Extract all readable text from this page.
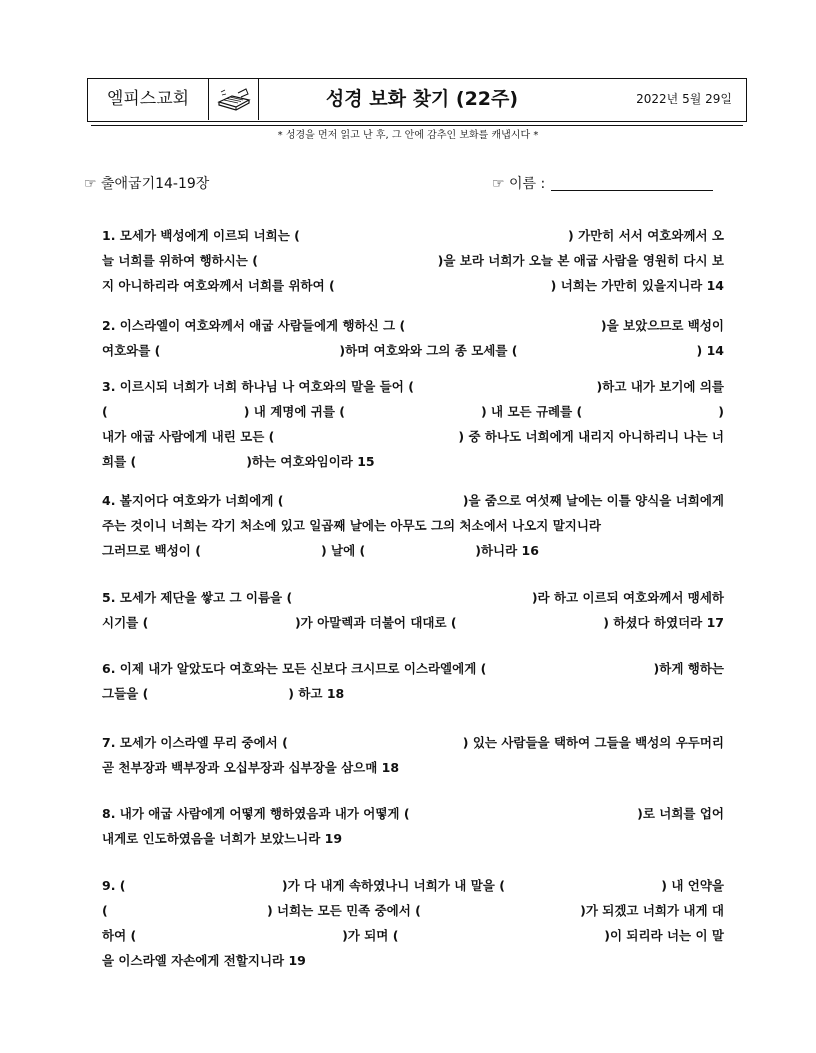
엘피스교회	성경 보화 찾기 (22주)	2022년 5월 29일
* 성경을 먼저 읽고 난 후, 그 안에 감추인 보화를 캐냅시다 *
☞ 출애굽기14-19장	☞ 이름 :
1. 모세가 백성에게 이르되 너희는 (	) 가만히 서서 여호와께서 오
늘 너희를 위하여 행하시는 (	)을 보라 너희가 오늘 본 애굽 사람을 영원히 다시 보
지 아니하리라 여호와께서 너희를 위하여 (	) 너희는 가만히 있을지니라 14
2. 이스라엘이 여호와께서 애굽 사람들에게 행하신 그 (	)을 보았으므로 백성이
여호와를 (	)하며 여호와와 그의 종 모세를 (	) 14
3. 이르시되 너희가 너희 하나님 나 여호와의 말을 들어 (	)하고 내가 보기에 의를
(	) 내 계명에 귀를 (	) 내 모든 규례를 (	)
내가 애굽 사람에게 내린 모든 (	) 중 하나도 너희에게 내리지 아니하리니 나는 너
희를 (	)하는 여호와임이라 15
4. 볼지어다 여호와가 너희에게 (	)을 줌으로 여섯째 날에는 이틀 양식을 너희에게
주는 것이니 너희는 각기 처소에 있고 일곱째 날에는 아무도 그의 처소에서 나오지 말지니라
그러므로 백성이 (	) 날에 (	)하니라 16
5. 모세가 제단을 쌓고 그 이름을 (	)라 하고 이르되 여호와께서 맹세하
시기를 (	)가 아말렉과 더불어 대대로 (	) 하셨다 하였더라 17
6. 이제 내가 알았도다 여호와는 모든 신보다 크시므로 이스라엘에게 (	)하게 행하는
그들을 (	) 하고 18
7. 모세가 이스라엘 무리 중에서 (	) 있는 사람들을 택하여 그들을 백성의 우두머리
곧 천부장과 백부장과 오십부장과 십부장을 삼으매 18
8. 내가 애굽 사람에게 어떻게 행하였음과 내가 어떻게 (	)로 너희를 업어
내게로 인도하였음을 너희가 보았느니라 19
9. (	)가 다 내게 속하였나니 너희가 내 말을 (	) 내 언약을
(	) 너희는 모든 민족 중에서 (	)가 되겠고 너희가 내게 대
하여 (	)가 되며 (	)이 되리라 너는 이 말
을 이스라엘 자손에게 전할지니라 19
